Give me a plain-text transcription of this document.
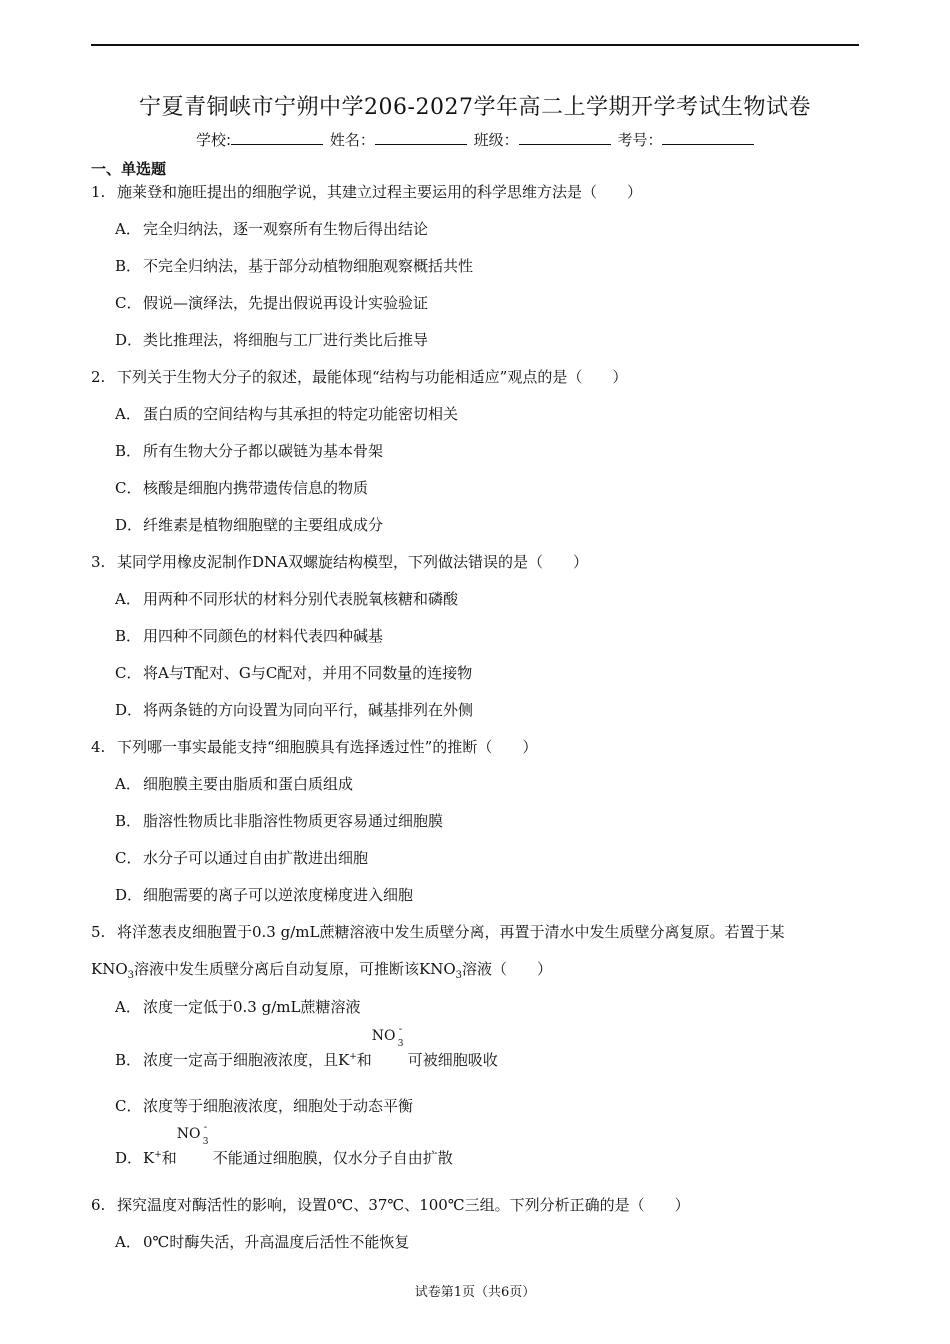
宁夏青铜峡市宁朔中学206-2027学年高二上学期开学考试生物试卷
学校:	姓名：	班级：	考号：
一、单选题
1. 施莱登和施旺提出的细胞学说，其建立过程主要运用的科学思维方法是（　　）
A． 完全归纳法，逐一观察所有生物后得出结论
B． 不完全归纳法，基于部分动植物细胞观察概括共性
C． 假说—演绎法，先提出假说再设计实验验证
D．类比推理法，将细胞与工厂进行类比后推导
2. 下列关于生物大分子的叙述，最能体现“结构与功能相适应”观点的是（　　）
A． 蛋白质的空间结构与其承担的特定功能密切相关
B． 所有生物大分子都以碳链为基本骨架
C． 核酸是细胞内携带遗传信息的物质
D．纤维素是植物细胞壁的主要组成成分
3. 某同学用橡皮泥制作DNA双螺旋结构模型，下列做法错误的是（　　）
A． 用两种不同形状的材料分别代表脱氧核糖和磷酸
B． 用四种不同颜色的材料代表四种碱基
C． 将A与T配对、G与C配对，并用不同数量的连接物
D．将两条链的方向设置为同向平行，碱基排列在外侧
4. 下列哪一事实最能支持“细胞膜具有选择透过性”的推断（　　）
A． 细胞膜主要由脂质和蛋白质组成
B． 脂溶性物质比非脂溶性物质更容易通过细胞膜
C． 水分子可以通过自由扩散进出细胞
D．细胞需要的离子可以逆浓度梯度进入细胞
5. 将洋葱表皮细胞置于0.3 g/mL蔗糖溶液中发生质壁分离，再置于清水中发生质壁分离复原。若置于某
$KNO_3$溶液中发生质壁分离后自动复原，可推断该$KNO_3$溶液（　　）
A． 浓度一定低于0.3 g/mL蔗糖溶液
B． 浓度一定高于细胞液浓度，且K+和
NO -
3
可被细胞吸收
C． 浓度等于细胞液浓度，细胞处于动态平衡
D．K+和
NO -
3
不能通过细胞膜，仅水分子自由扩散
6. 探究温度对酶活性的影响，设置0℃、37℃、100℃三组。下列分析正确的是（　　）
A． 0℃时酶失活，升高温度后活性不能恢复
试卷第1页（共6页）
